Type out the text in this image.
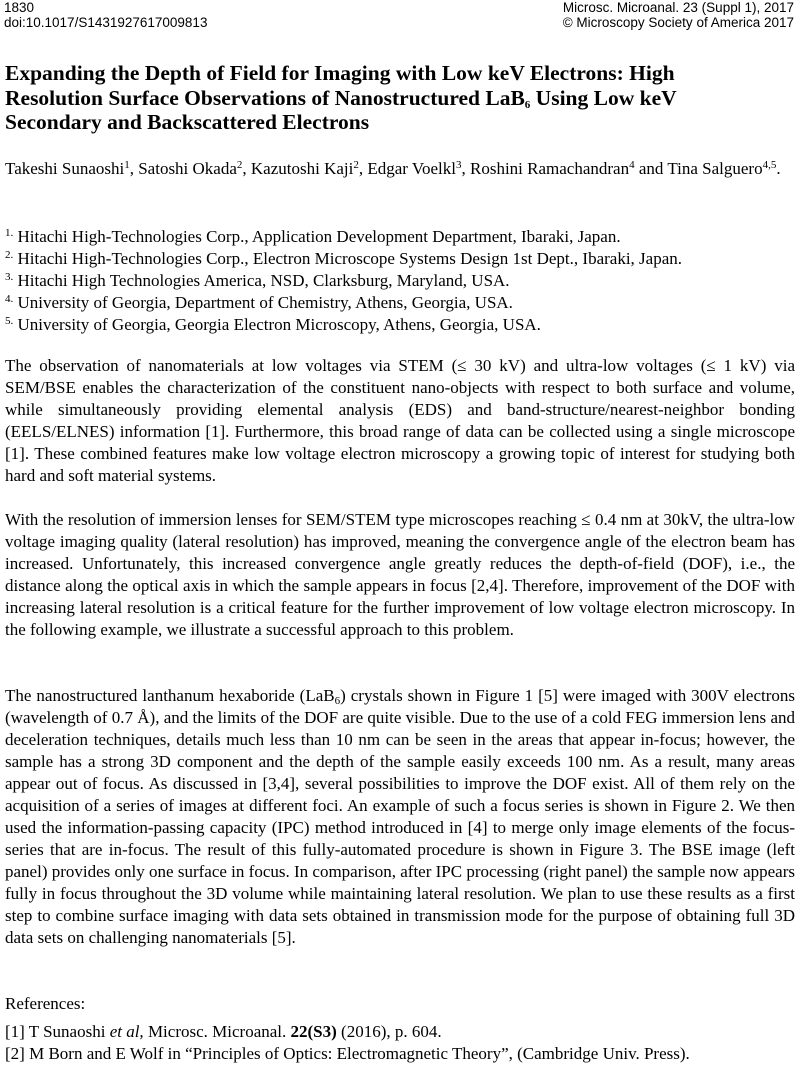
1830
doi:10.1017/S1431927617009813
Microsc. Microanal. 23 (Suppl 1), 2017
© Microscopy Society of America 2017
Expanding the Depth of Field for Imaging with Low keV Electrons: High Resolution Surface Observations of Nanostructured LaB$_6$ Using Low keV Secondary and Backscattered Electrons
Takeshi Sunaoshi$^1$, Satoshi Okada$^2$, Kazutoshi Kaji$^2$, Edgar Voelkl$^3$, Roshini Ramachandran$^4$ and Tina Salguero$^{4,5}$.
$^{1.}$ Hitachi High-Technologies Corp., Application Development Department, Ibaraki, Japan.
$^{2.}$ Hitachi High-Technologies Corp., Electron Microscope Systems Design 1st Dept., Ibaraki, Japan.
$^{3.}$ Hitachi High Technologies America, NSD, Clarksburg, Maryland, USA.
$^{4.}$ University of Georgia, Department of Chemistry, Athens, Georgia, USA.
$^{5.}$ University of Georgia, Georgia Electron Microscopy, Athens, Georgia, USA.

The observation of nanomaterials at low voltages via STEM (≤ 30 kV) and ultra-low voltages (≤ 1 kV) via SEM/BSE enables the characterization of the constituent nano-objects with respect to both surface and volume, while simultaneously providing elemental analysis (EDS) and band-structure/nearest-neighbor bonding (EELS/ELNES) information [1]. Furthermore, this broad range of data can be collected using a single microscope [1]. These combined features make low voltage electron microscopy a growing topic of interest for studying both hard and soft material systems.

With the resolution of immersion lenses for SEM/STEM type microscopes reaching ≤ 0.4 nm at 30kV, the ultra-low voltage imaging quality (lateral resolution) has improved, meaning the convergence angle of the electron beam has increased. Unfortunately, this increased convergence angle greatly reduces the depth-of-field (DOF), i.e., the distance along the optical axis in which the sample appears in focus [2,4]. Therefore, improvement of the DOF with increasing lateral resolution is a critical feature for the further improvement of low voltage electron microscopy. In the following example, we illustrate a successful approach to this problem.

The nanostructured lanthanum hexaboride (LaB$_6$) crystals shown in Figure 1 [5] were imaged with 300V electrons (wavelength of 0.7 Å), and the limits of the DOF are quite visible. Due to the use of a cold FEG immersion lens and deceleration techniques, details much less than 10 nm can be seen in the areas that appear in-focus; however, the sample has a strong 3D component and the depth of the sample easily exceeds 100 nm. As a result, many areas appear out of focus. As discussed in [3,4], several possibilities to improve the DOF exist. All of them rely on the acquisition of a series of images at different foci. An example of such a focus series is shown in Figure 2. We then used the information-passing capacity (IPC) method introduced in [4] to merge only image elements of the focus-series that are in-focus. The result of this fully-automated procedure is shown in Figure 3. The BSE image (left panel) provides only one surface in focus. In comparison, after IPC processing (right panel) the sample now appears fully in focus throughout the 3D volume while maintaining lateral resolution. We plan to use these results as a first step to combine surface imaging with data sets obtained in transmission mode for the purpose of obtaining full 3D data sets on challenging nanomaterials [5].

References:
[1] T Sunaoshi et al, Microsc. Microanal. 22(S3) (2016), p. 604.
[2] M Born and E Wolf in “Principles of Optics: Electromagnetic Theory”, (Cambridge Univ. Press).
